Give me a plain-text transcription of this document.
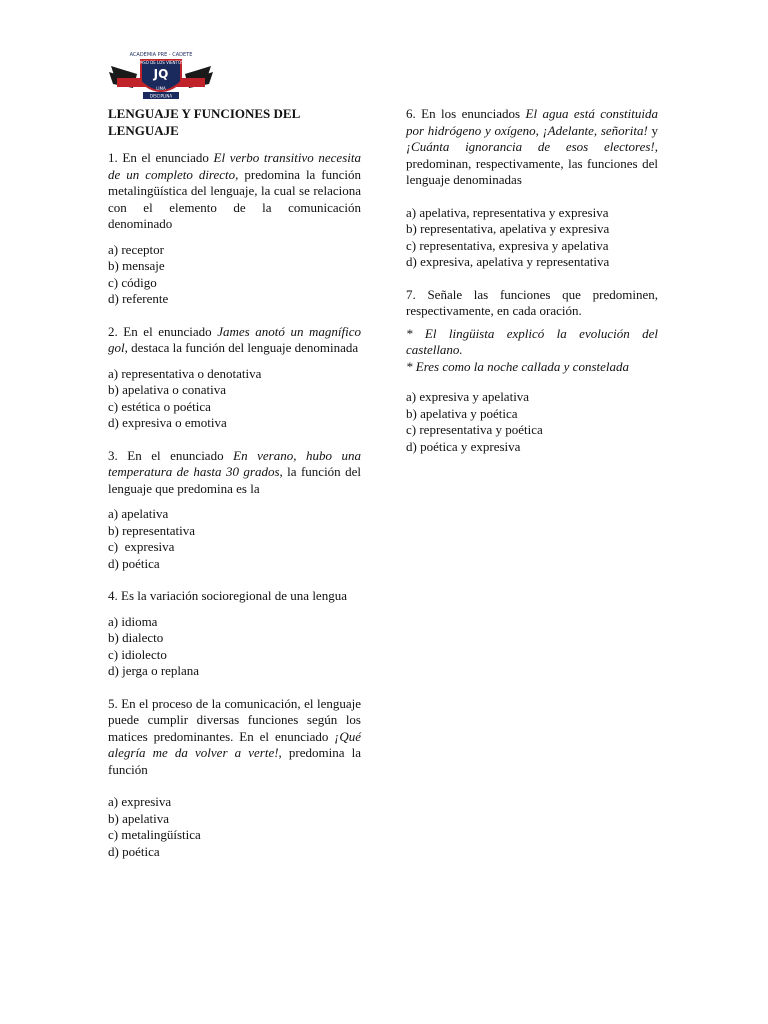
ACADEMIA PRE - CADETE
PASO DE LOS VIENTOS
JQ
LIMA
DISCIPLINA
LENGUAJE Y FUNCIONES DEL LENGUAJE
1. En el enunciado El verbo transitivo necesita de un completo directo, predomina la función metalingüística del lenguaje, la cual se relaciona con el elemento de la comunicación denominado
a) receptor
b) mensaje
c) código
d) referente
2. En el enunciado James anotó un magnífico gol, destaca la función del lenguaje denominada
a) representativa o denotativa
b) apelativa o conativa
c) estética o poética
d) expresiva o emotiva
3. En el enunciado En verano, hubo una temperatura de hasta 30 grados, la función del lenguaje que predomina es la
a) apelativa
b) representativa
c)  expresiva
d) poética
4. Es la variación socioregional de una lengua
a) idioma
b) dialecto
c) idiolecto
d) jerga o replana
5. En el proceso de la comunicación, el lenguaje puede cumplir diversas funciones según los matices predominantes. En el enunciado ¡Qué alegría me da volver a verte!, predomina la función
a) expresiva
b) apelativa
c) metalingüística
d) poética
6. En los enunciados El agua está constituida por hidrógeno y oxígeno, ¡Adelante, señorita! y ¡Cuánta ignorancia de esos electores!, predominan, respectivamente, las funciones del lenguaje denominadas
a) apelativa, representativa y expresiva
b) representativa, apelativa y expresiva
c) representativa, expresiva y apelativa
d) expresiva, apelativa y representativa
7. Señale las funciones que predominen, respectivamente, en cada oración.
* El lingüista explicó la evolución del castellano.
* Eres como la noche callada y constelada
a) expresiva y apelativa
b) apelativa y poética
c) representativa y poética
d) poética y expresiva
